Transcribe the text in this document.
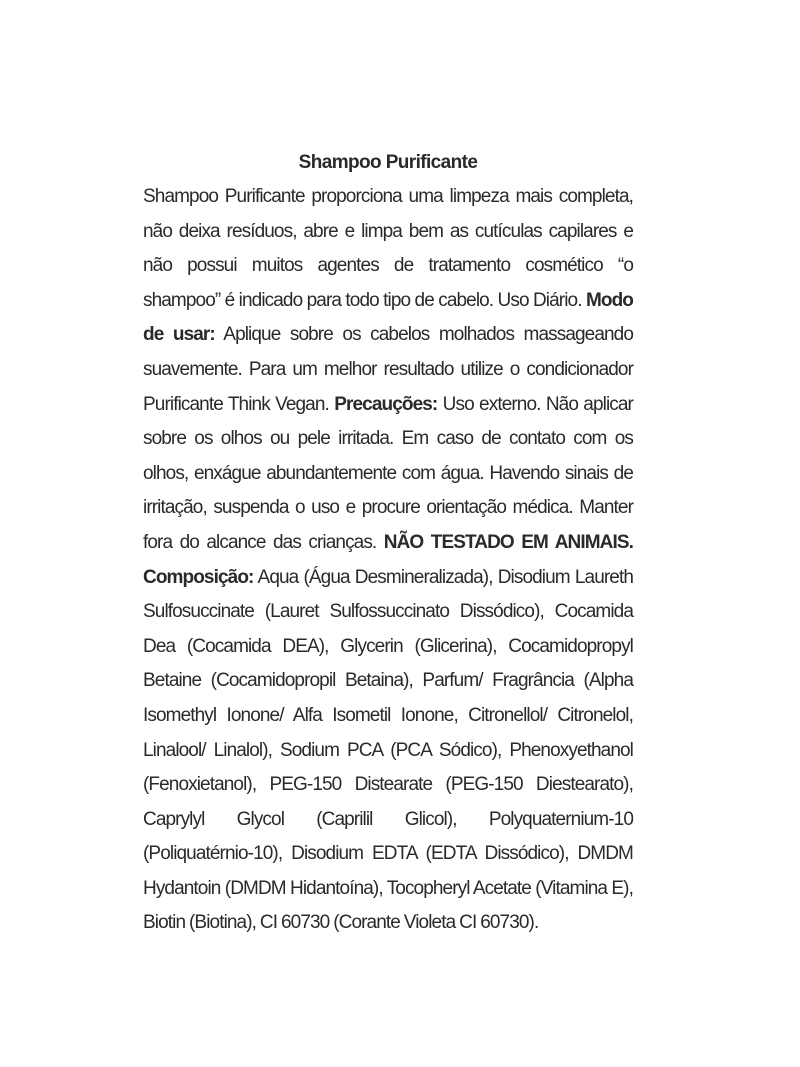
Shampoo Purificante

Shampoo Purificante proporciona uma limpeza mais completa, não deixa resíduos, abre e limpa bem as cutículas capilares e não possui muitos agentes de tratamento cosmético “o shampoo” é indicado para todo tipo de cabelo. Uso Diário. Modo de usar: Aplique sobre os cabelos molhados massageando suavemente. Para um melhor resultado utilize o condicionador Purificante Think Vegan. Precauções: Uso externo. Não aplicar sobre os olhos ou pele irritada. Em caso de contato com os olhos, enxágue abundantemente com água. Havendo sinais de irritação, suspenda o uso e procure orientação médica. Manter fora do alcance das crianças. NÃO TESTADO EM ANIMAIS. Composição: Aqua (Água Desmineralizada), Disodium Laureth Sulfosuccinate (Lauret Sulfossuccinato Dissódico), Cocamida Dea (Cocamida DEA), Glycerin (Glicerina), Cocamidopropyl Betaine (Cocamidopropil Betaina), Parfum/ Fragrância (Alpha Isomethyl Ionone/ Alfa Isometil Ionone, Citronellol/ Citronelol, Linalool/ Linalol), Sodium PCA (PCA Sódico), Phenoxyethanol (Fenoxietanol), PEG-150 Distearate (PEG-150 Diestearato), Caprylyl Glycol (Caprilil Glicol), Polyquaternium-10 (Poliquatérnio-10), Disodium EDTA (EDTA Dissódico), DMDM Hydantoin (DMDM Hidantoína), Tocopheryl Acetate (Vitamina E), Biotin (Biotina), CI 60730 (Corante Violeta CI 60730).
